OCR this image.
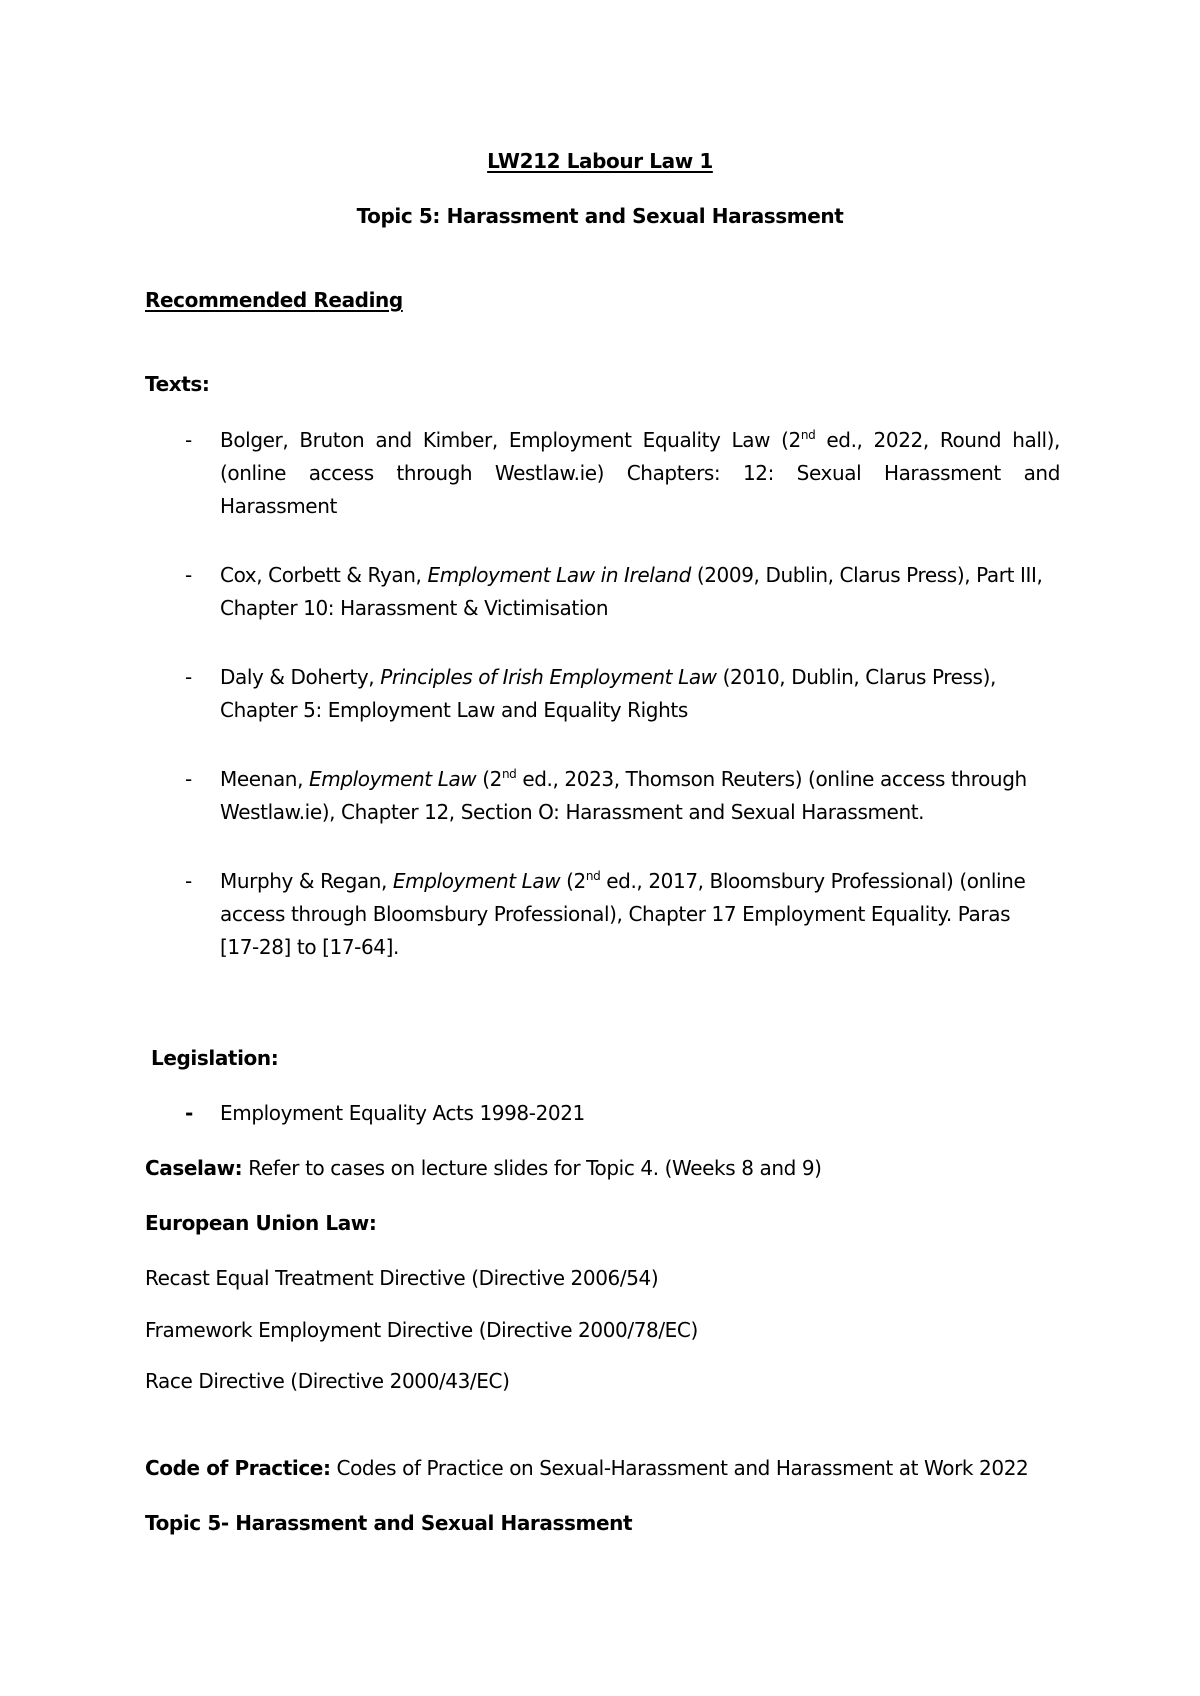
LW212 Labour Law 1
Topic 5: Harassment and Sexual Harassment
Recommended Reading
Texts:
- Bolger, Bruton and Kimber, Employment Equality Law (2nd ed., 2022, Round hall),
(online access through Westlaw.ie) Chapters: 12: Sexual Harassment and
Harassment
- Cox, Corbett & Ryan, Employment Law in Ireland (2009, Dublin, Clarus Press), Part III,
Chapter 10: Harassment & Victimisation
- Daly & Doherty, Principles of Irish Employment Law (2010, Dublin, Clarus Press),
Chapter 5: Employment Law and Equality Rights
- Meenan, Employment Law (2nd ed., 2023, Thomson Reuters) (online access through
Westlaw.ie), Chapter 12, Section O: Harassment and Sexual Harassment.
- Murphy & Regan, Employment Law (2nd ed., 2017, Bloomsbury Professional) (online
access through Bloomsbury Professional), Chapter 17 Employment Equality. Paras
[17-28] to [17-64].
Legislation:
- Employment Equality Acts 1998-2021
Caselaw: Refer to cases on lecture slides for Topic 4. (Weeks 8 and 9)
European Union Law:
Recast Equal Treatment Directive (Directive 2006/54)
Framework Employment Directive (Directive 2000/78/EC)
Race Directive (Directive 2000/43/EC)
Code of Practice: Codes of Practice on Sexual-Harassment and Harassment at Work 2022
Topic 5- Harassment and Sexual Harassment
